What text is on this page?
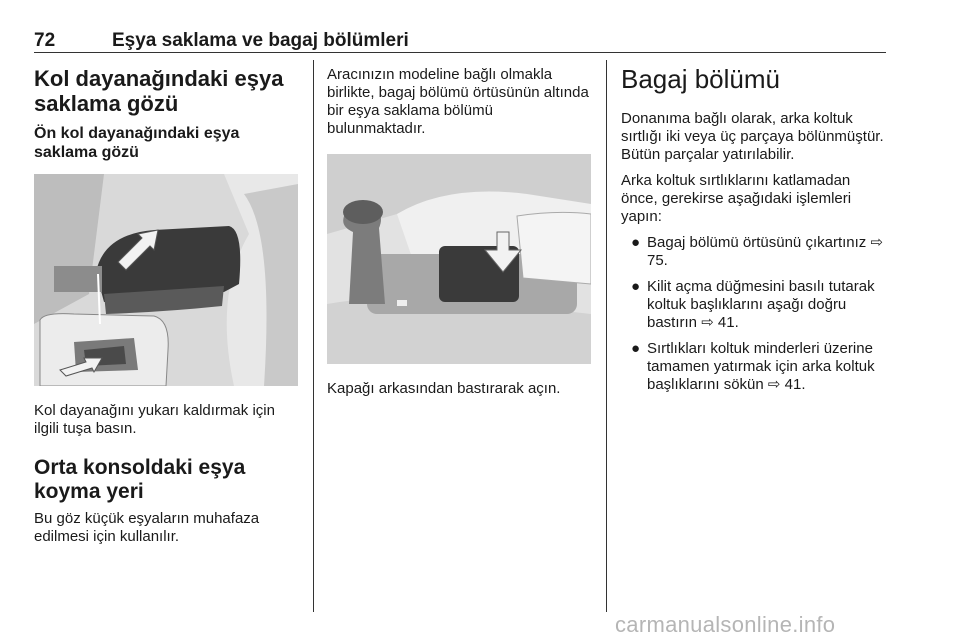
72	Eşya saklama ve bagaj bölümleri
Kol dayanağındaki eşya saklama gözü
Ön kol dayanağındaki eşya saklama gözü

Kol dayanağını yukarı kaldırmak için ilgili tuşa basın.

Orta konsoldaki eşya koyma yeri

Bu göz küçük eşyaların muhafaza edilmesi için kullanılır.

Aracınızın modeline bağlı olmakla birlikte, bagaj bölümü örtüsünün altında bir eşya saklama bölümü bulunmaktadır.

Kapağı arkasından bastırarak açın.

Bagaj bölümü

Donanıma bağlı olarak, arka koltuk sırtlığı iki veya üç parçaya bölünmüştür. Bütün parçalar yatırılabilir.

Arka koltuk sırtlıklarını katlamadan önce, gerekirse aşağıdaki işlemleri yapın:

● Bagaj bölümü örtüsünü çıkartınız ⇨ 75.
● Kilit açma düğmesini basılı tutarak koltuk başlıklarını aşağı doğru bastırın ⇨ 41.
● Sırtlıkları koltuk minderleri üzerine tamamen yatırmak için arka koltuk başlıklarını sökün ⇨ 41.
carmanualsonline.info
